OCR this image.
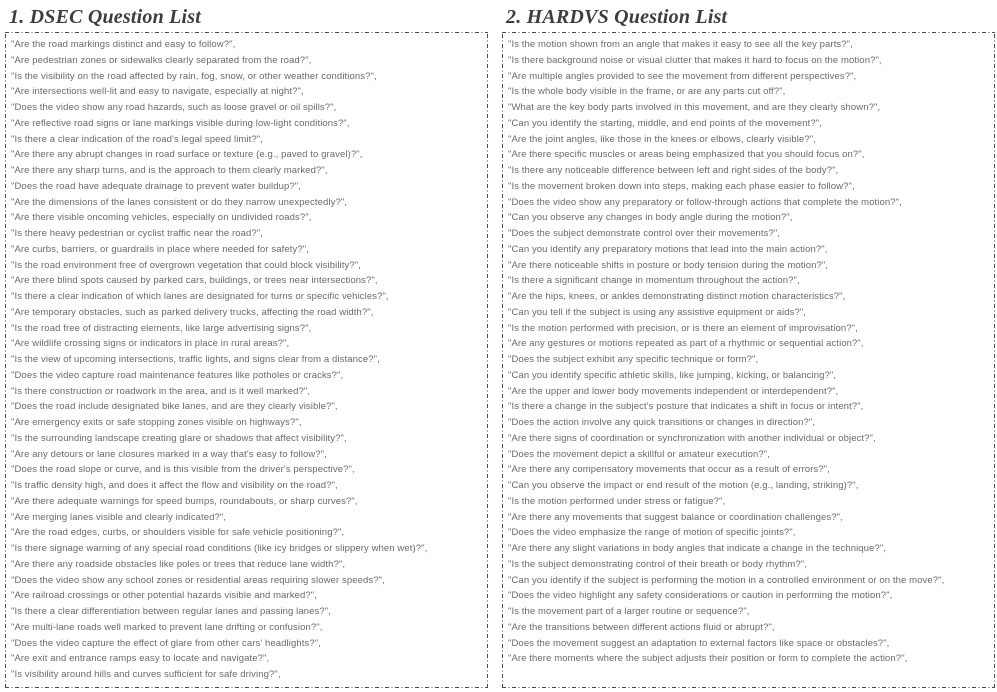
1. DSEC Question List
"Are the road markings distinct and easy to follow?",
"Are pedestrian zones or sidewalks clearly separated from the road?",
"Is the visibility on the road affected by rain, fog, snow, or other weather conditions?",
"Are intersections well-lit and easy to navigate, especially at night?",
"Does the video show any road hazards, such as loose gravel or oil spills?",
"Are reflective road signs or lane markings visible during low-light conditions?",
"Is there a clear indication of the road's legal speed limit?",
"Are there any abrupt changes in road surface or texture (e.g., paved to gravel)?",
"Are there any sharp turns, and is the approach to them clearly marked?",
"Does the road have adequate drainage to prevent water buildup?",
"Are the dimensions of the lanes consistent or do they narrow unexpectedly?",
"Are there visible oncoming vehicles, especially on undivided roads?",
"Is there heavy pedestrian or cyclist traffic near the road?",
"Are curbs, barriers, or guardrails in place where needed for safety?",
"Is the road environment free of overgrown vegetation that could block visibility?",
"Are there blind spots caused by parked cars, buildings, or trees near intersections?",
"Is there a clear indication of which lanes are designated for turns or specific vehicles?",
"Are temporary obstacles, such as parked delivery trucks, affecting the road width?",
"Is the road free of distracting elements, like large advertising signs?",
"Are wildlife crossing signs or indicators in place in rural areas?",
"Is the view of upcoming intersections, traffic lights, and signs clear from a distance?",
"Does the video capture road maintenance features like potholes or cracks?",
"Is there construction or roadwork in the area, and is it well marked?",
"Does the road include designated bike lanes, and are they clearly visible?",
"Are emergency exits or safe stopping zones visible on highways?",
"Is the surrounding landscape creating glare or shadows that affect visibility?",
"Are any detours or lane closures marked in a way that's easy to follow?",
"Does the road slope or curve, and is this visible from the driver's perspective?",
"Is traffic density high, and does it affect the flow and visibility on the road?",
"Are there adequate warnings for speed bumps, roundabouts, or sharp curves?",
"Are merging lanes visible and clearly indicated?",
"Are the road edges, curbs, or shoulders visible for safe vehicle positioning?",
"Is there signage warning of any special road conditions (like icy bridges or slippery when wet)?",
"Are there any roadside obstacles like poles or trees that reduce lane width?",
"Does the video show any school zones or residential areas requiring slower speeds?",
"Are railroad crossings or other potential hazards visible and marked?",
"Is there a clear differentiation between regular lanes and passing lanes?",
"Are multi-lane roads well marked to prevent lane drifting or confusion?",
"Does the video capture the effect of glare from other cars' headlights?",
"Are exit and entrance ramps easy to locate and navigate?",
"Is visibility around hills and curves sufficient for safe driving?",
2. HARDVS Question List
"Is the motion shown from an angle that makes it easy to see all the key parts?",
"Is there background noise or visual clutter that makes it hard to focus on the motion?",
"Are multiple angles provided to see the movement from different perspectives?",
"Is the whole body visible in the frame, or are any parts cut off?",
"What are the key body parts involved in this movement, and are they clearly shown?",
"Can you identify the starting, middle, and end points of the movement?",
"Are the joint angles, like those in the knees or elbows, clearly visible?",
"Are there specific muscles or areas being emphasized that you should focus on?",
"Is there any noticeable difference between left and right sides of the body?",
"Is the movement broken down into steps, making each phase easier to follow?",
"Does the video show any preparatory or follow-through actions that complete the motion?",
"Can you observe any changes in body angle during the motion?",
"Does the subject demonstrate control over their movements?",
"Can you identify any preparatory motions that lead into the main action?",
"Are there noticeable shifts in posture or body tension during the motion?",
"Is there a significant change in momentum throughout the action?",
"Are the hips, knees, or ankles demonstrating distinct motion characteristics?",
"Can you tell if the subject is using any assistive equipment or aids?",
"Is the motion performed with precision, or is there an element of improvisation?",
"Are any gestures or motions repeated as part of a rhythmic or sequential action?",
"Does the subject exhibit any specific technique or form?",
"Can you identify specific athletic skills, like jumping, kicking, or balancing?",
"Are the upper and lower body movements independent or interdependent?",
"Is there a change in the subject's posture that indicates a shift in focus or intent?",
"Does the action involve any quick transitions or changes in direction?",
"Are there signs of coordination or synchronization with another individual or object?",
"Does the movement depict a skillful or amateur execution?",
"Are there any compensatory movements that occur as a result of errors?",
"Can you observe the impact or end result of the motion (e.g., landing, striking)?",
"Is the motion performed under stress or fatigue?",
"Are there any movements that suggest balance or coordination challenges?",
"Does the video emphasize the range of motion of specific joints?",
"Are there any slight variations in body angles that indicate a change in the technique?",
"Is the subject demonstrating control of their breath or body rhythm?",
"Can you identify if the subject is performing the motion in a controlled environment or on the move?",
"Does the video highlight any safety considerations or caution in performing the motion?",
"Is the movement part of a larger routine or sequence?",
"Are the transitions between different actions fluid or abrupt?",
"Does the movement suggest an adaptation to external factors like space or obstacles?",
"Are there moments where the subject adjusts their position or form to complete the action?",
